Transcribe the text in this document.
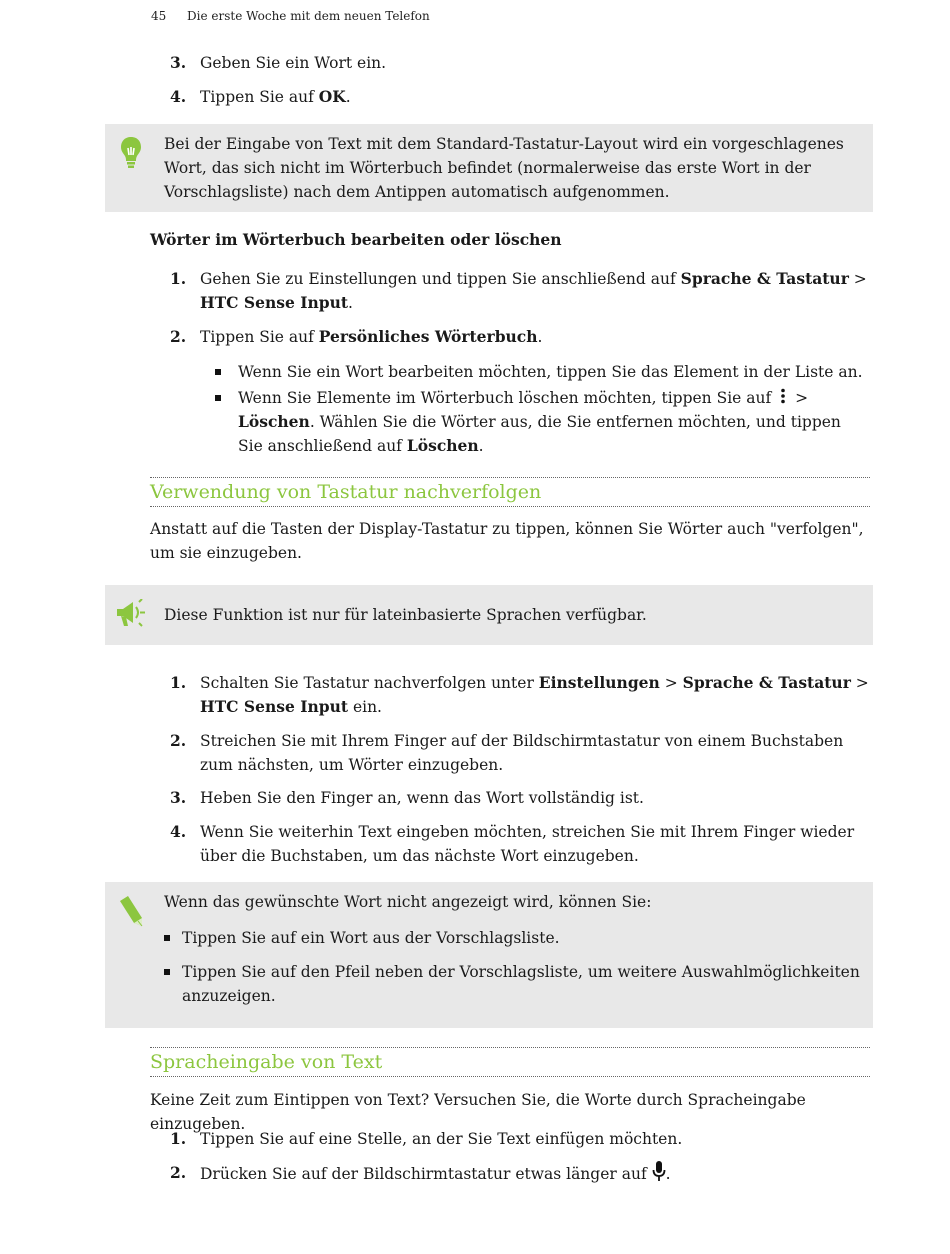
45 Die erste Woche mit dem neuen Telefon
3. Geben Sie ein Wort ein.
4. Tippen Sie auf OK.
Bei der Eingabe von Text mit dem Standard-Tastatur-Layout wird ein vorgeschlagenes Wort, das sich nicht im Wörterbuch befindet (normalerweise das erste Wort in der Vorschlagsliste) nach dem Antippen automatisch aufgenommen.
Wörter im Wörterbuch bearbeiten oder löschen
1. Gehen Sie zu Einstellungen und tippen Sie anschließend auf Sprache & Tastatur > HTC Sense Input.
2. Tippen Sie auf Persönliches Wörterbuch.
Wenn Sie ein Wort bearbeiten möchten, tippen Sie das Element in der Liste an.
Wenn Sie Elemente im Wörterbuch löschen möchten, tippen Sie auf  > Löschen. Wählen Sie die Wörter aus, die Sie entfernen möchten, und tippen Sie anschließend auf Löschen.
Verwendung von Tastatur nachverfolgen
Anstatt auf die Tasten der Display-Tastatur zu tippen, können Sie Wörter auch "verfolgen", um sie einzugeben.
Diese Funktion ist nur für lateinbasierte Sprachen verfügbar.
1. Schalten Sie Tastatur nachverfolgen unter Einstellungen > Sprache & Tastatur > HTC Sense Input ein.
2. Streichen Sie mit Ihrem Finger auf der Bildschirmtastatur von einem Buchstaben zum nächsten, um Wörter einzugeben.
3. Heben Sie den Finger an, wenn das Wort vollständig ist.
4. Wenn Sie weiterhin Text eingeben möchten, streichen Sie mit Ihrem Finger wieder über die Buchstaben, um das nächste Wort einzugeben.
Wenn das gewünschte Wort nicht angezeigt wird, können Sie:
Tippen Sie auf ein Wort aus der Vorschlagsliste.
Tippen Sie auf den Pfeil neben der Vorschlagsliste, um weitere Auswahlmöglichkeiten anzuzeigen.
Spracheingabe von Text
Keine Zeit zum Eintippen von Text? Versuchen Sie, die Worte durch Spracheingabe einzugeben.
1. Tippen Sie auf eine Stelle, an der Sie Text einfügen möchten.
2. Drücken Sie auf der Bildschirmtastatur etwas länger auf .
